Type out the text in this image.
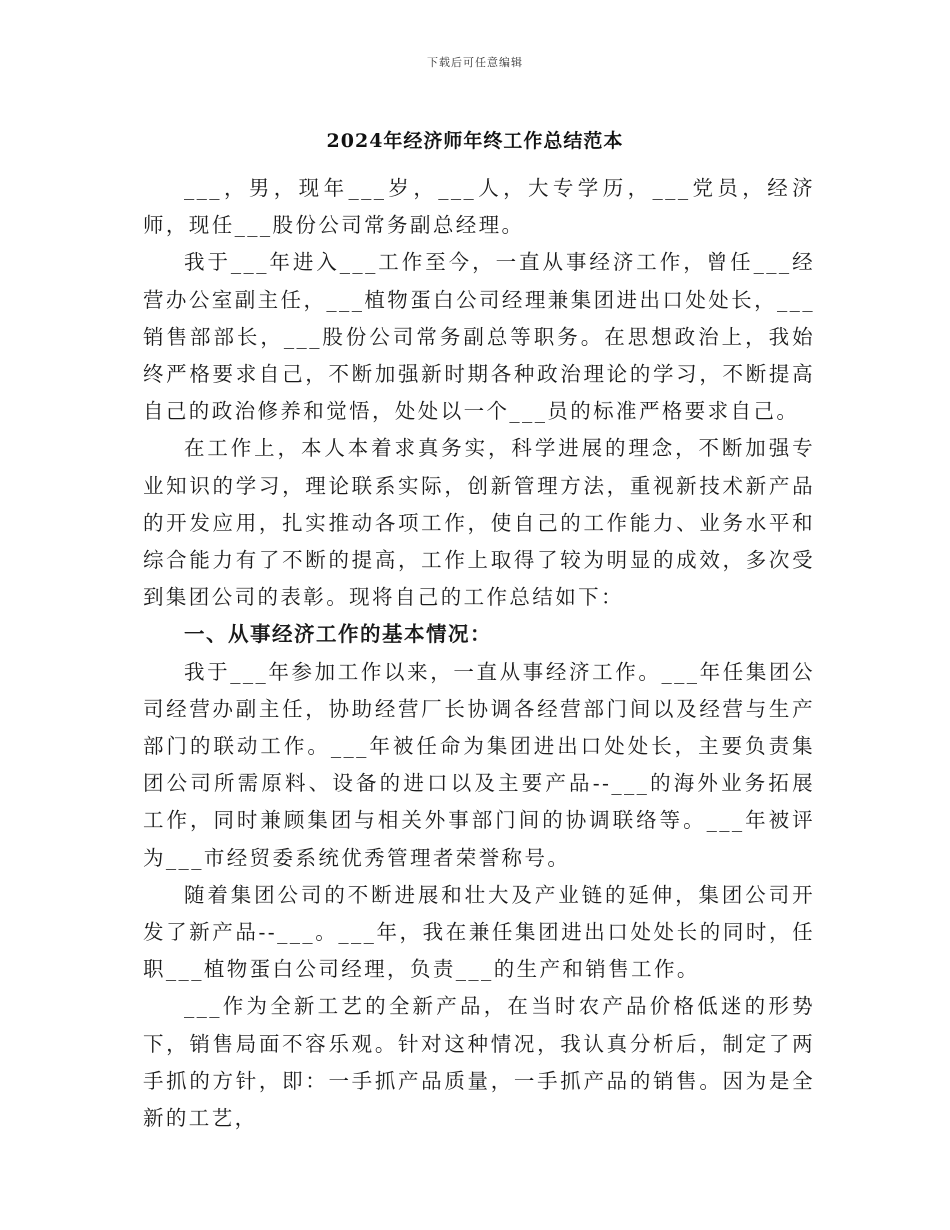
下载后可任意编辑
2024年经济师年终工作总结范本

___，男，现年___岁，___人，大专学历，___党员，经济师，现任___股份公司常务副总经理。

我于___年进入___工作至今，一直从事经济工作，曾任___经营办公室副主任，___植物蛋白公司经理兼集团进出口处处长，___销售部部长，___股份公司常务副总等职务。在思想政治上，我始终严格要求自己，不断加强新时期各种政治理论的学习，不断提高自己的政治修养和觉悟，处处以一个___员的标准严格要求自己。

在工作上，本人本着求真务实，科学进展的理念，不断加强专业知识的学习，理论联系实际，创新管理方法，重视新技术新产品的开发应用，扎实推动各项工作，使自己的工作能力、业务水平和综合能力有了不断的提高，工作上取得了较为明显的成效，多次受到集团公司的表彰。现将自己的工作总结如下：

一、从事经济工作的基本情况：

我于___年参加工作以来，一直从事经济工作。___年任集团公司经营办副主任，协助经营厂长协调各经营部门间以及经营与生产部门的联动工作。___年被任命为集团进出口处处长，主要负责集团公司所需原料、设备的进口以及主要产品--___的海外业务拓展工作，同时兼顾集团与相关外事部门间的协调联络等。___年被评为___市经贸委系统优秀管理者荣誉称号。

随着集团公司的不断进展和壮大及产业链的延伸，集团公司开发了新产品--___。___年，我在兼任集团进出口处处长的同时，任职___植物蛋白公司经理，负责___的生产和销售工作。

___作为全新工艺的全新产品，在当时农产品价格低迷的形势下，销售局面不容乐观。针对这种情况，我认真分析后，制定了两手抓的方针，即：一手抓产品质量，一手抓产品的销售。因为是全新的工艺，
